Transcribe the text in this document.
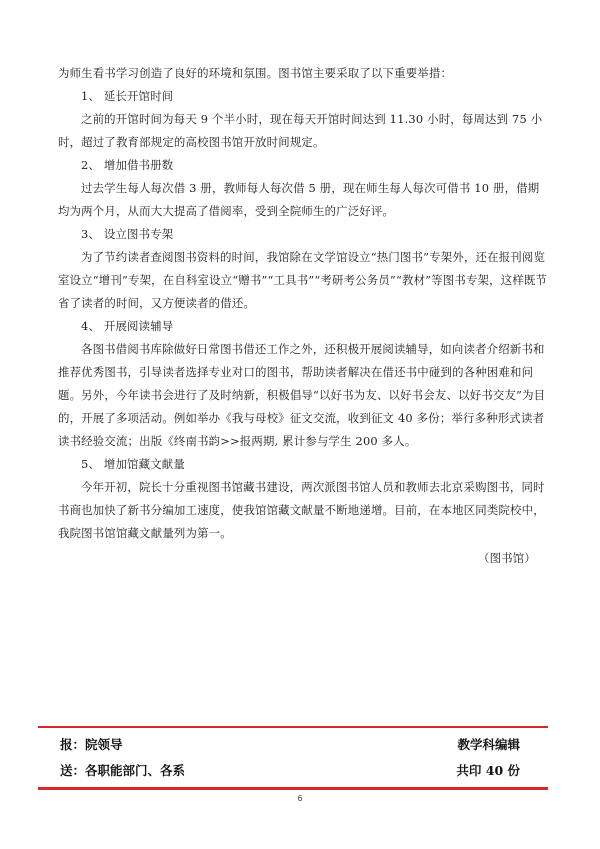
为师生看书学习创造了良好的环境和氛围。图书馆主要采取了以下重要举措：

1、 延长开馆时间

之前的开馆时间为每天 9 个半小时，现在每天开馆时间达到 11.30 小时，每周达到 75 小时，超过了教育部规定的高校图书馆开放时间规定。

2、 增加借书册数

过去学生每人每次借 3 册，教师每人每次借 5 册，现在师生每人每次可借书 10 册，借期均为两个月，从而大大提高了借阅率，受到全院师生的广泛好评。

3、 设立图书专架

为了节约读者查阅图书资料的时间，我馆除在文学馆设立“热门图书”专架外，还在报刊阅览室设立“增刊”专架，在自科室设立“赠书”“工具书”“考研考公务员”“教材”等图书专架，这样既节省了读者的时间，又方便读者的借还。

4、 开展阅读辅导

各图书借阅书库除做好日常图书借还工作之外，还积极开展阅读辅导，如向读者介绍新书和推荐优秀图书，引导读者选择专业对口的图书，帮助读者解决在借还书中碰到的各种困难和问题。另外，今年读书会进行了及时纳新，积极倡导“以好书为友、以好书会友、以好书交友”为目的，开展了多项活动。例如举办《我与母校》征文交流，收到征文 40 多份；举行多种形式读者读书经验交流；出版《终南书韵>>报两期, 累计参与学生 200 多人。

5、 增加馆藏文献量

今年开初，院长十分重视图书馆藏书建设，两次派图书馆人员和教师去北京采购图书，同时书商也加快了新书分编加工速度，使我馆馆藏文献量不断地递增。目前，在本地区同类院校中，我院图书馆馆藏文献量列为第一。

（图书馆）

报：院领导	教学科编辑
送：各职能部门、各系	共印 40 份
6
